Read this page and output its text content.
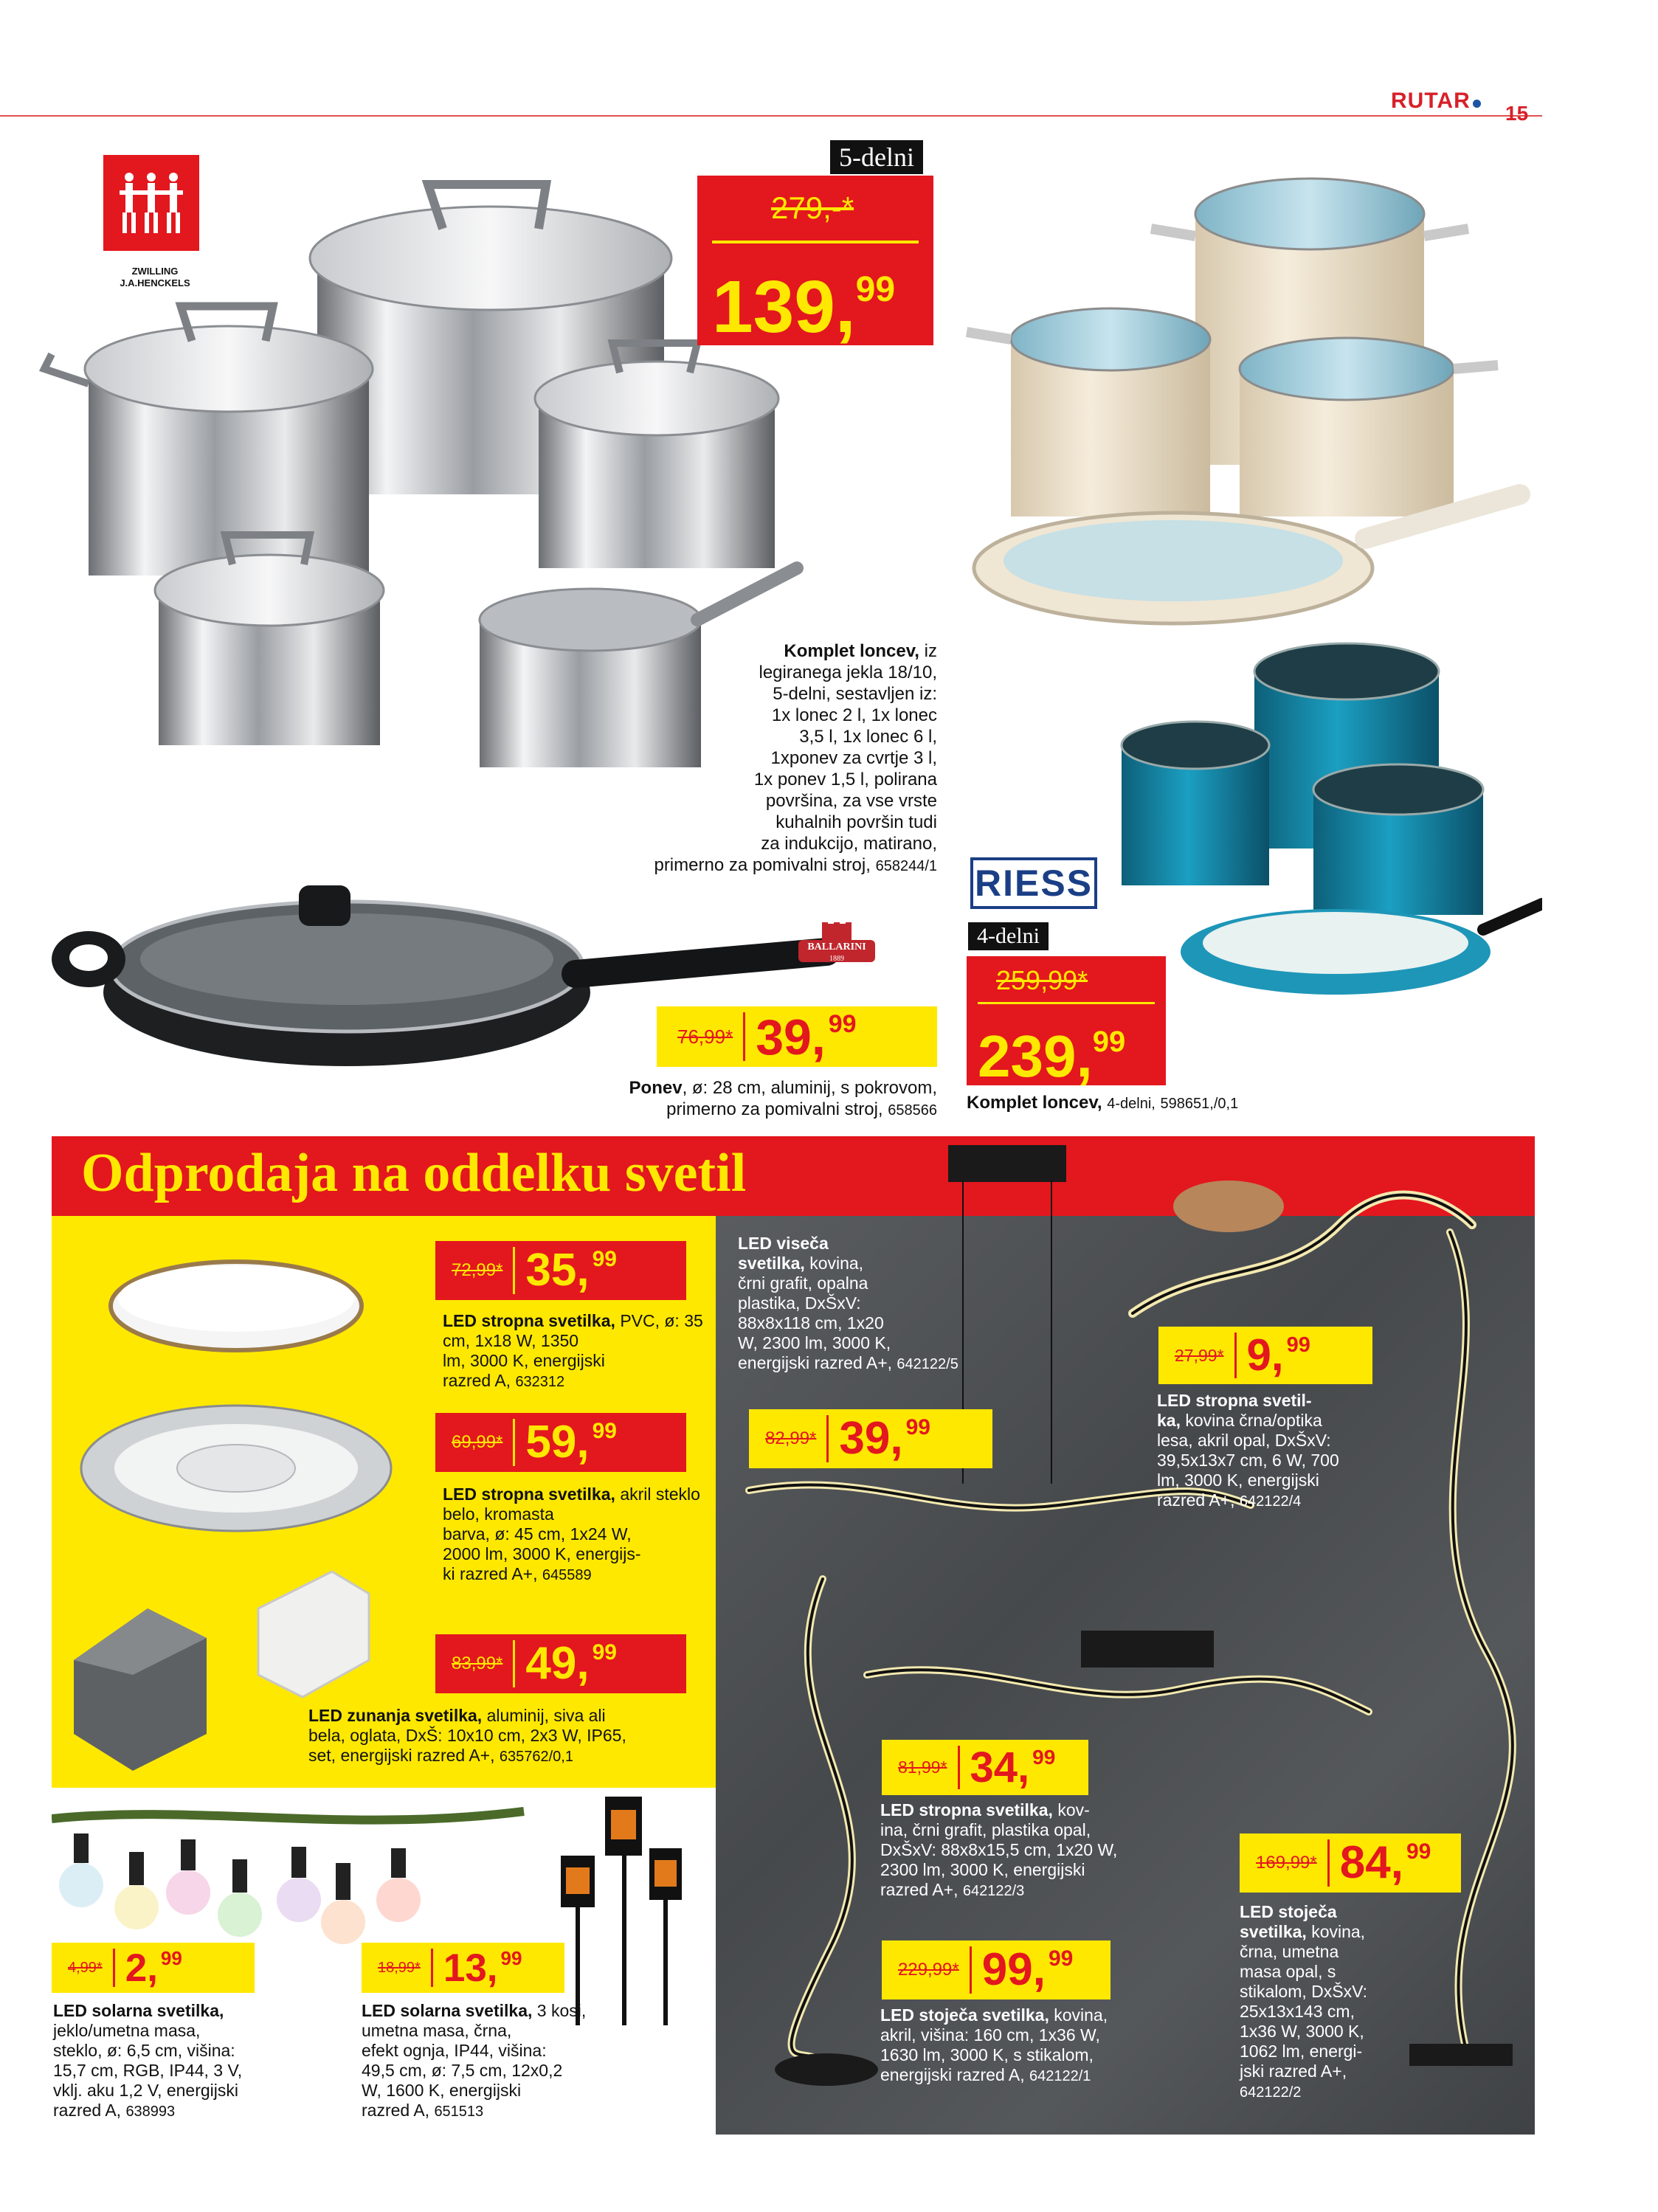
RUTAR
15
ZWILLING J.A.HENCKELS
5-delni
279,-*
139,99
Komplet loncev, iz
legiranega jekla 18/10,
5-delni, sestavljen iz:
1x lonec 2 l, 1x lonec
3,5 l, 1x lonec 6 l,
1xponev za cvrtje 3 l,
1x ponev 1,5 l, polirana
površina, za vse vrste
kuhalnih površin tudi
za indukcijo, matirano,
primerno za pomivalni stroj, 658244/1 RIESS
4-delni
259,99*
239,99
Komplet loncev, 4-delni, 598651,/0,1
BALLARINI
1889
76,99* 39, $^{99}$
Ponev, ø: 28 cm, aluminij, s pokrovom,
primerno za pomivalni stroj, 658566
Odprodaja na oddelku svetil
72,99* 35, $^{99}$
LED stropna svetilka, PVC, ø: 35 cm, 1x18 W, 1350
lm, 3000 K, energijski
razred A, 632312
69,99* 59, $^{99}$
LED stropna svetilka, akril steklo belo, kromasta
barva, ø: 45 cm, 1x24 W,
2000 lm, 3000 K, energijs-
ki razred A+, 645589
83,99* 49, $^{99}$
LED zunanja svetilka, aluminij, siva ali
bela, oglata, DxŠ: 10x10 cm, 2x3 W, IP65,
set, energijski razred A+, 635762/0,1
82,99* 39, $^{99}$
LED viseča
svetilka, kovina,
črni grafit, opalna
plastika, DxŠxV:
88x8x118 cm, 1x20
W, 2300 lm, 3000 K,
energijski razred A+, 642122/5	27,99* 9, $^{99}$
LED stropna svetil-
ka, kovina črna/optika
lesa, akril opal, DxŠxV:
39,5x13x7 cm, 6 W, 700
lm, 3000 K, energijski
razred A+, 642122/4
81,99* 34, $^{99}$
LED stropna svetilka, kov-
ina, črni grafit, plastika opal,
DxŠxV: 88x8x15,5 cm, 1x20 W,
2300 lm, 3000 K, energijski
razred A+, 642122/3
229,99* 99, $^{99}$
LED stoječa svetilka, kovina,
akril, višina: 160 cm, 1x36 W,
1630 lm, 3000 K, s stikalom,
energijski razred A, 642122/1
169,99* 84, $^{99}$
LED stoječa
svetilka, kovina,
črna, umetna
masa opal, s
stikalom, DxŠxV:
25x13x143 cm,
1x36 W, 3000 K,
1062 lm, energi-
jski razred A+, 642122/2
4,99* 2, $^{99}$
LED solarna svetilka, jeklo/umetna masa,
steklo, ø: 6,5 cm, višina:
15,7 cm, RGB, IP44, 3 V,
vklj. aku 1,2 V, energijski
razred A, 638993
18,99* 13, $^{99}$
LED solarna svetilka, 3 kosi, umetna masa, črna,
efekt ognja, IP44, višina:
49,5 cm, ø: 7,5 cm, 12x0,2
W, 1600 K, energijski
razred A, 651513
